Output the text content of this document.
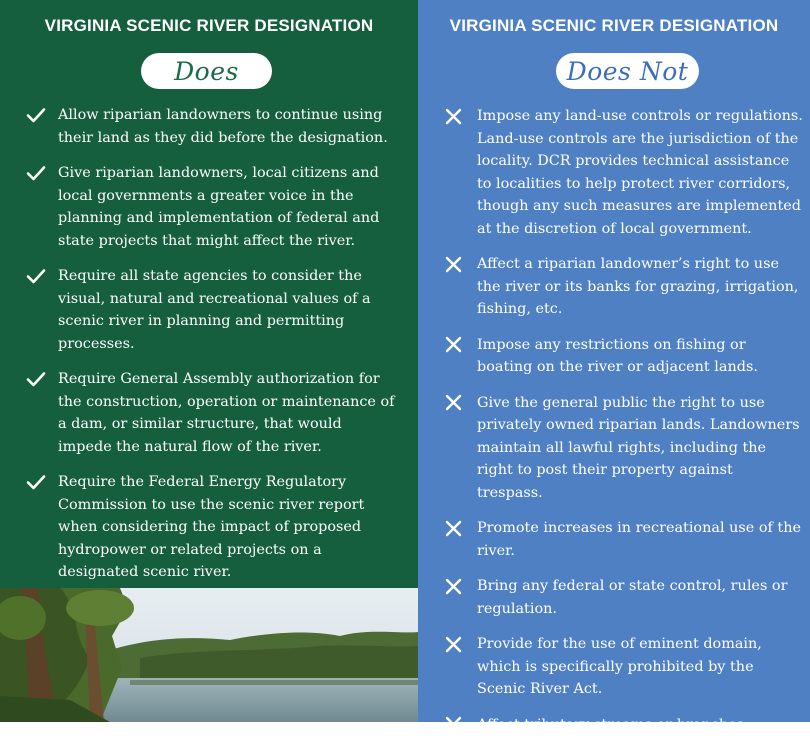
VIRGINIA SCENIC RIVER DESIGNATION
Does
Allow riparian landowners to continue using their land as they did before the designation.
Give riparian landowners, local citizens and local governments a greater voice in the planning and implementation of federal and state projects that might affect the river.
Require all state agencies to consider the visual, natural and recreational values of a scenic river in planning and permitting processes.
Require General Assembly authorization for the construction, operation or maintenance of a dam, or similar structure, that would impede the natural flow of the river.
Require the Federal Energy Regulatory Commission to use the scenic river report when considering the impact of proposed hydropower or related projects on a designated scenic river.
VIRGINIA SCENIC RIVER DESIGNATION
Does Not
Impose any land-use controls or regulations. Land-use controls are the jurisdiction of the locality. DCR provides technical assistance to localities to help protect river corridors, though any such measures are implemented at the discretion of local government.
Affect a riparian landowner’s right to use the river or its banks for grazing, irrigation, fishing, etc.
Impose any restrictions on fishing or boating on the river or adjacent lands.
Give the general public the right to use privately owned riparian lands. Landowners maintain all lawful rights, including the right to post their property against trespass.
Promote increases in recreational use of the river.
Bring any federal or state control, rules or regulation.
Provide for the use of eminent domain, which is specifically prohibited by the Scenic River Act.
Affect tributary streams or branches.
